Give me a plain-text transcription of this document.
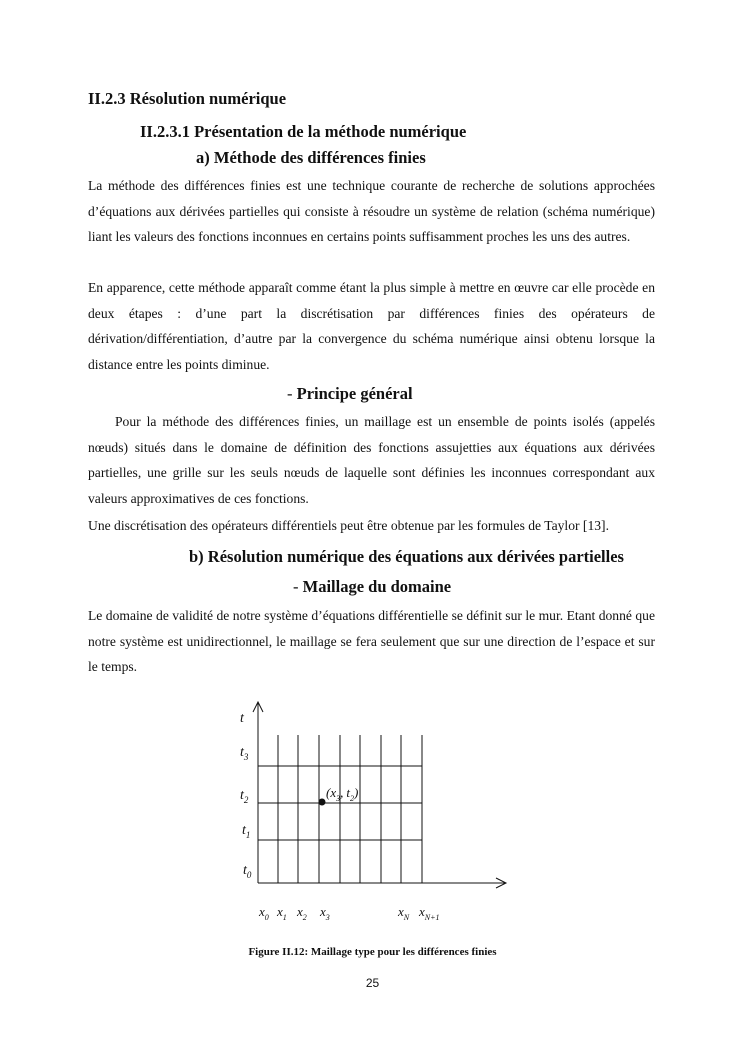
II.2.3 Résolution numérique
II.2.3.1 Présentation de la méthode numérique
a) Méthode des différences finies

La méthode des différences finies est une technique courante de recherche de solutions approchées d’équations aux dérivées partielles qui consiste à résoudre un système de relation (schéma numérique) liant les valeurs des fonctions inconnues en certains points suffisamment proches les uns des autres.

En apparence, cette méthode apparaît comme étant la plus simple à mettre en œuvre car elle procède en deux étapes : d’une part la discrétisation par différences finies des opérateurs de dérivation/différentiation, d’autre par la convergence du schéma numérique ainsi obtenu lorsque la distance entre les points diminue.

- Principe général

Pour la méthode des différences finies, un maillage est un ensemble de points isolés (appelés nœuds) situés dans le domaine de définition des fonctions assujetties aux équations aux dérivées partielles, une grille sur les seuls nœuds de laquelle sont définies les inconnues correspondant aux valeurs approximatives de ces fonctions.

Une discrétisation des opérateurs différentiels peut être obtenue par les formules de Taylor [13].

b) Résolution numérique des équations aux dérivées partielles
- Maillage du domaine

Le domaine de validité de notre système d’équations différentielle se définit sur le mur. Etant donné que notre système est unidirectionnel, le maillage se fera seulement que sur une direction de l’espace et sur le temps.

t
$t_3$
$t_2$
$t_1$
$t_0$
($x_3$, $t_2$)
$x_0$ $x_1$ $x_2$ $x_3$	$x_N$ $x_{N+1}$
Figure II.12: Maillage type pour les différences finies
25
